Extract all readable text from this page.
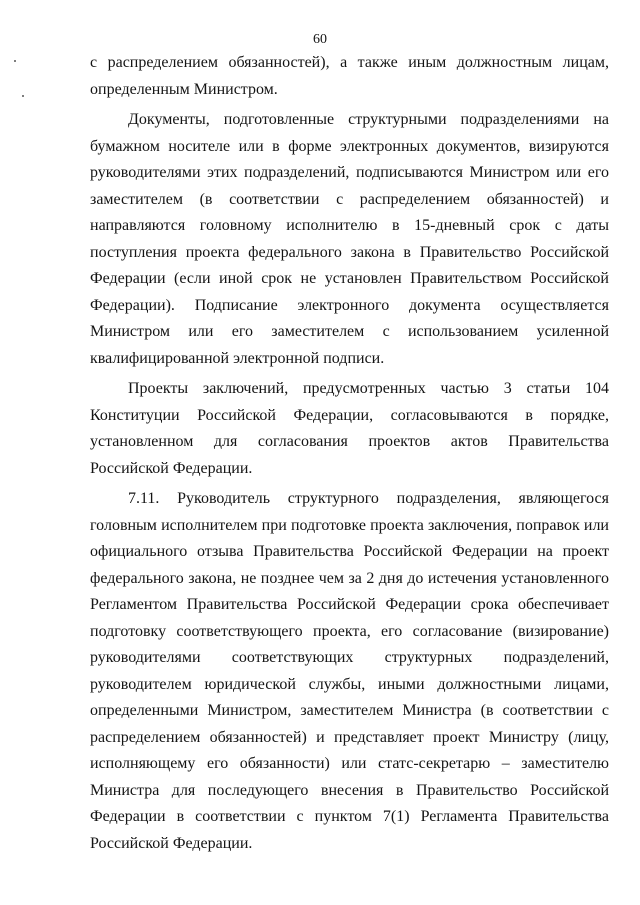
60

с распределением обязанностей), а также иным должностным лицам, определенным Министром.

Документы, подготовленные структурными подразделениями на бумажном носителе или в форме электронных документов, визируются руководителями этих подразделений, подписываются Министром или его заместителем (в соответствии с распределением обязанностей) и направляются головному исполнителю в 15-дневный срок с даты поступления проекта федерального закона в Правительство Российской Федерации (если иной срок не установлен Правительством Российской Федерации). Подписание электронного документа осуществляется Министром или его заместителем с использованием усиленной квалифицированной электронной подписи.

Проекты заключений, предусмотренных частью 3 статьи 104 Конституции Российской Федерации, согласовываются в порядке, установленном для согласования проектов актов Правительства Российской Федерации.

7.11. Руководитель структурного подразделения, являющегося головным исполнителем при подготовке проекта заключения, поправок или официального отзыва Правительства Российской Федерации на проект федерального закона, не позднее чем за 2 дня до истечения установленного Регламентом Правительства Российской Федерации срока обеспечивает подготовку соответствующего проекта, его согласование (визирование) руководителями соответствующих структурных подразделений, руководителем юридической службы, иными должностными лицами, определенными Министром, заместителем Министра (в соответствии с распределением обязанностей) и представляет проект Министру (лицу, исполняющему его обязанности) или статс-секретарю – заместителю Министра для последующего внесения в Правительство Российской Федерации в соответствии с пунктом 7(1) Регламента Правительства Российской Федерации.
